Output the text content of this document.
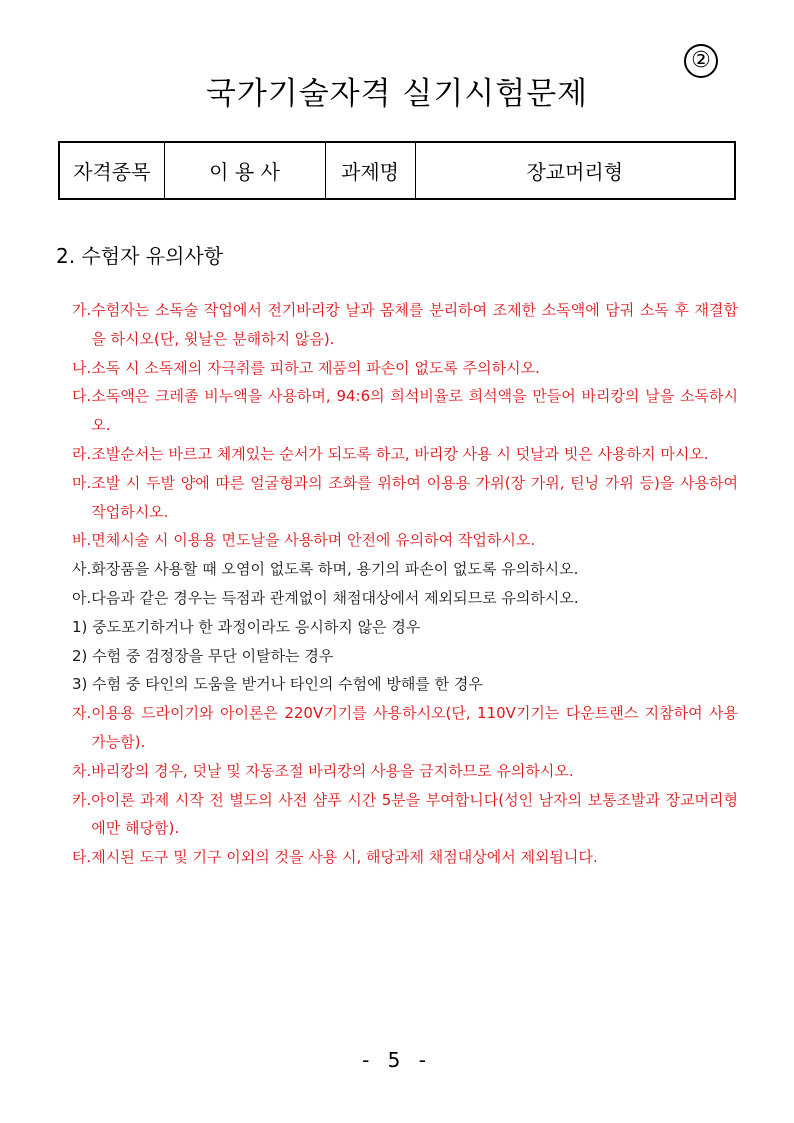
②
국가기술자격 실기시험문제
자격종목	이 용 사	과제명	장교머리형
2. 수험자 유의사항
가. 수험자는 소독술 작업에서 전기바리캉 날과 몸체를 분리하여 조제한 소독액에 담궈 소독 후 재결합을 하시오(단, 윗날은 분해하지 않음).
나. 소독 시 소독제의 자극취를 피하고 제품의 파손이 없도록 주의하시오.
다. 소독액은 크레졸 비누액을 사용하며, 94:6의 희석비율로 희석액을 만들어 바리캉의 날을 소독하시오.
라. 조발순서는 바르고 체계있는 순서가 되도록 하고, 바리캉 사용 시 덧날과 빗은 사용하지 마시오.
마. 조발 시 두발 양에 따른 얼굴형과의 조화를 위하여 이용용 가위(장 가위, 틴닝 가위 등)을 사용하여 작업하시오.
바. 면체시술 시 이용용 면도날을 사용하며 안전에 유의하여 작업하시오.
사. 화장품을 사용할 때 오염이 없도록 하며, 용기의 파손이 없도록 유의하시오.
아. 다음과 같은 경우는 득점과 관계없이 채점대상에서 제외되므로 유의하시오.
1) 중도포기하거나 한 과정이라도 응시하지 않은 경우
2) 수험 중 검정장을 무단 이탈하는 경우
3) 수험 중 타인의 도움을 받거나 타인의 수험에 방해를 한 경우
자. 이용용 드라이기와 아이론은 220V기기를 사용하시오(단, 110V기기는 다운트랜스 지참하여 사용가능함).
차. 바리캉의 경우, 덧날 및 자동조절 바리캉의 사용을 금지하므로 유의하시오.
카. 아이론 과제 시작 전 별도의 사전 샴푸 시간 5분을 부여합니다(성인 남자의 보통조발과 장교머리형에만 해당함).
타. 제시된 도구 및 기구 이외의 것을 사용 시, 해당과제 채점대상에서 제외됩니다.
- 5 -
